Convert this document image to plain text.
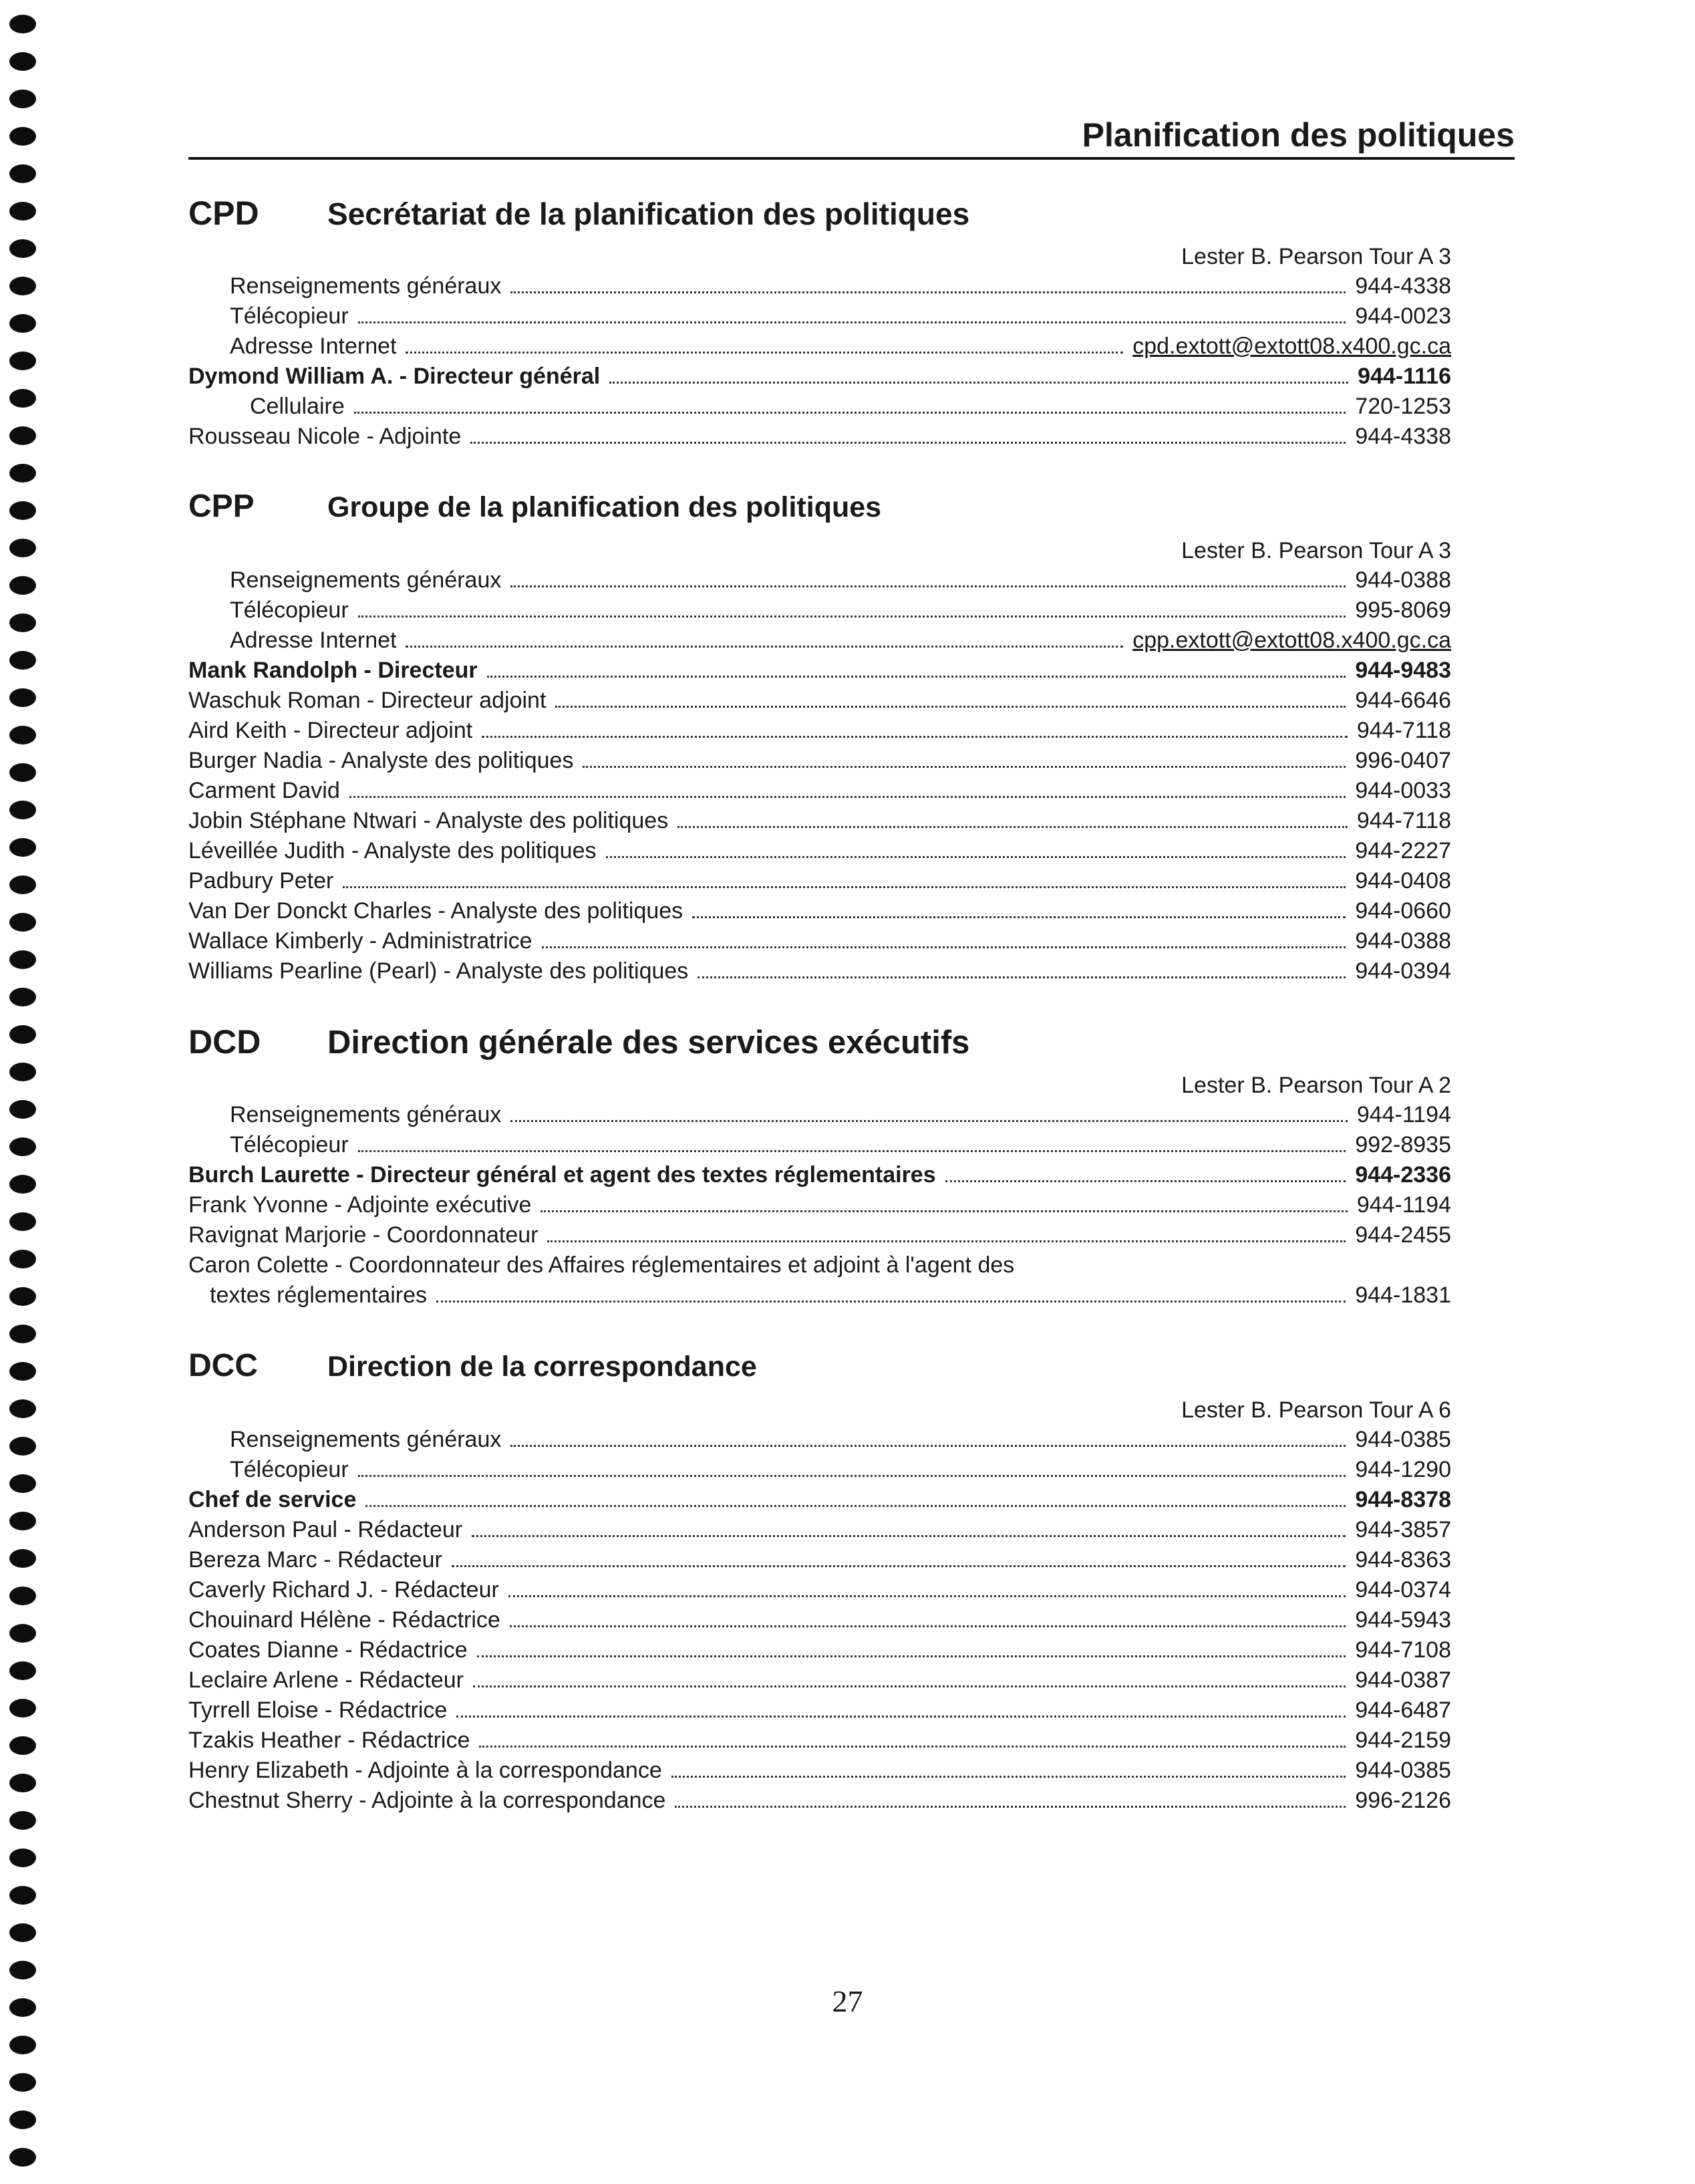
Planification des politiques
CPD	Secrétariat de la planification des politiques
Lester B. Pearson Tour A 3
Renseignements généraux	944-4338
Télécopieur	944-0023
Adresse Internet	cpd.extott@extott08.x400.gc.ca
Dymond William A. - Directeur général	944-1116
Cellulaire	720-1253
Rousseau Nicole - Adjointe	944-4338
CPP	Groupe de la planification des politiques
Lester B. Pearson Tour A 3
Renseignements généraux	944-0388
Télécopieur	995-8069
Adresse Internet	cpp.extott@extott08.x400.gc.ca
Mank Randolph - Directeur	944-9483
Waschuk Roman - Directeur adjoint	944-6646
Aird Keith - Directeur adjoint	944-7118
Burger Nadia - Analyste des politiques	996-0407
Carment David	944-0033
Jobin Stéphane Ntwari - Analyste des politiques	944-7118
Léveillée Judith - Analyste des politiques	944-2227
Padbury Peter	944-0408
Van Der Donckt Charles - Analyste des politiques	944-0660
Wallace Kimberly - Administratrice	944-0388
Williams Pearline (Pearl) - Analyste des politiques	944-0394
DCD	Direction générale des services exécutifs
Lester B. Pearson Tour A 2
Renseignements généraux	944-1194
Télécopieur	992-8935
Burch Laurette - Directeur général et agent des textes réglementaires	944-2336
Frank Yvonne - Adjointe exécutive	944-1194
Ravignat Marjorie - Coordonnateur	944-2455
Caron Colette - Coordonnateur des Affaires réglementaires et adjoint à l'agent des
textes réglementaires	944-1831
DCC	Direction de la correspondance
Lester B. Pearson Tour A 6
Renseignements généraux	944-0385
Télécopieur	944-1290
Chef de service	944-8378
Anderson Paul - Rédacteur	944-3857
Bereza Marc - Rédacteur	944-8363
Caverly Richard J. - Rédacteur	944-0374
Chouinard Hélène - Rédactrice	944-5943
Coates Dianne - Rédactrice	944-7108
Leclaire Arlene - Rédacteur	944-0387
Tyrrell Eloise - Rédactrice	944-6487
Tzakis Heather - Rédactrice	944-2159
Henry Elizabeth - Adjointe à la correspondance	944-0385
Chestnut Sherry - Adjointe à la correspondance	996-2126
27
